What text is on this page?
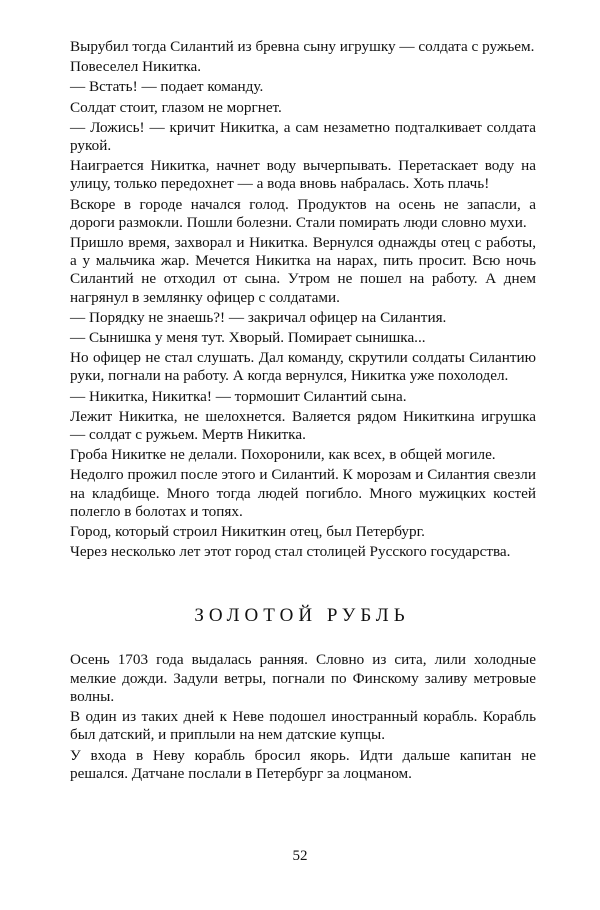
Вырубил тогда Силантий из бревна сыну игрушку — солдата с ружьем.

Повеселел Никитка.

— Встать! — подает команду.

Солдат стоит, глазом не моргнет.

— Ложись! — кричит Никитка, а сам незаметно подталкивает солдата рукой.

Наиграется Никитка, начнет воду вычерпывать. Перетаскает воду на улицу, только передохнет — а вода вновь набралась. Хоть плачь!

Вскоре в городе начался голод. Продуктов на осень не запасли, а дороги размокли. Пошли болезни. Стали помирать люди словно мухи.

Пришло время, захворал и Никитка. Вернулся однажды отец с работы, а у мальчика жар. Мечется Никитка на нарах, пить просит. Всю ночь Силантий не отходил от сына. Утром не пошел на работу. А днем нагрянул в землянку офицер с солдатами.

— Порядку не знаешь?! — закричал офицер на Силантия.

— Сынишка у меня тут. Хворый. Помирает сынишка...

Но офицер не стал слушать. Дал команду, скрутили солдаты Силантию руки, погнали на работу. А когда вернулся, Никитка уже похолодел.

— Никитка, Никитка! — тормошит Силантий сына.

Лежит Никитка, не шелохнется. Валяется рядом Никиткина игрушка — солдат с ружьем. Мертв Никитка.

Гроба Никитке не делали. Похоронили, как всех, в общей могиле.

Недолго прожил после этого и Силантий. К морозам и Силантия свезли на кладбище. Много тогда людей погибло. Много мужицких костей полегло в болотах и топях.

Город, который строил Никиткин отец, был Петербург.

Через несколько лет этот город стал столицей Русского государства.

ЗОЛОТОЙ РУБЛЬ

Осень 1703 года выдалась ранняя. Словно из сита, лили холодные мелкие дожди. Задули ветры, погнали по Финскому заливу метровые волны.

В один из таких дней к Неве подошел иностранный корабль. Корабль был датский, и приплыли на нем датские купцы.

У входа в Неву корабль бросил якорь. Идти дальше капитан не решался. Датчане послали в Петербург за лоцманом.

52
